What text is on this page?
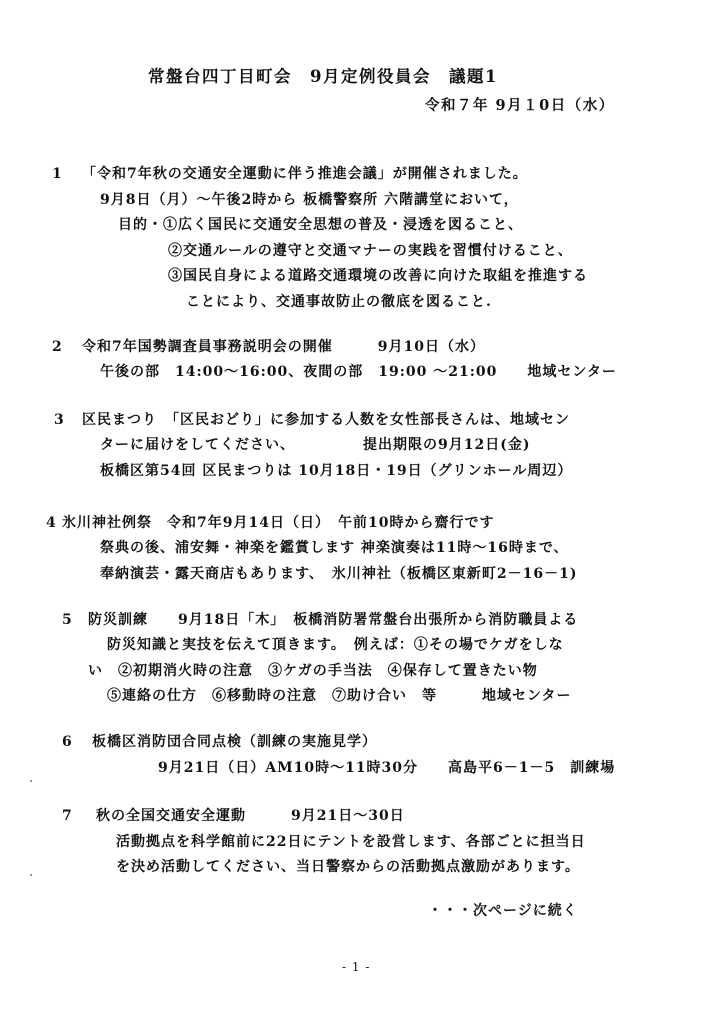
常盤台四丁目町会　9月定例役員会　議題1
令和７年 9月１0日（水）
1 「令和7年秋の交通安全運動に伴う推進会議」が開催されました。
9月8日（月）～午後2時から 板橋警察所 六階講堂において，
目的・①広く国民に交通安全思想の普及・浸透を図ること、
②交通ルールの遵守と交通マナーの実践を習慣付けること、
③国民自身による道路交通環境の改善に向けた取組を推進する
ことにより、交通事故防止の徹底を図ること.
2 令和7年国勢調査員事務説明会の開催　　　9月10日（水）
午後の部　14:00～16:00、夜間の部　19:00 ～21:00　　地域センター
3 区民まつり　「区民おどり」に参加する人数を女性部長さんは、地域セン
ターに届けをしてください、　　　　　提出期限の9月12日(金)
板橋区第54回 区民まつりは 10月18日・19日（グリンホール周辺）
4 氷川神社例祭　令和7年9月14日（日）　午前10時から齋行です
祭典の後、浦安舞・神楽を鑑賞します 神楽演奏は11時～16時まで、
奉納演芸・露天商店もあります、　氷川神社（板橋区東新町2－16－1)
5 防災訓練　　9月18日「木」　板橋消防署常盤台出張所から消防職員よる
防災知識と実技を伝えて頂きます。　例えば：①その場でケガをしな
い　②初期消火時の注意　③ケガの手当法　④保存して置きたい物
⑤連絡の仕方　⑥移動時の注意　⑦助け合い　等　　　地域センター
6 板橋区消防団合同点検（訓練の実施見学）
9月21日（日）AM10時～11時30分　　高島平6－1－5　訓練場
7 秋の全国交通安全運動　　　9月21日～30日
活動拠点を科学館前に22日にテントを設営します、各部ごとに担当日
を決め活動してください、当日警察からの活動拠点激励があります。
・・・次ページに続く
- 1 -
